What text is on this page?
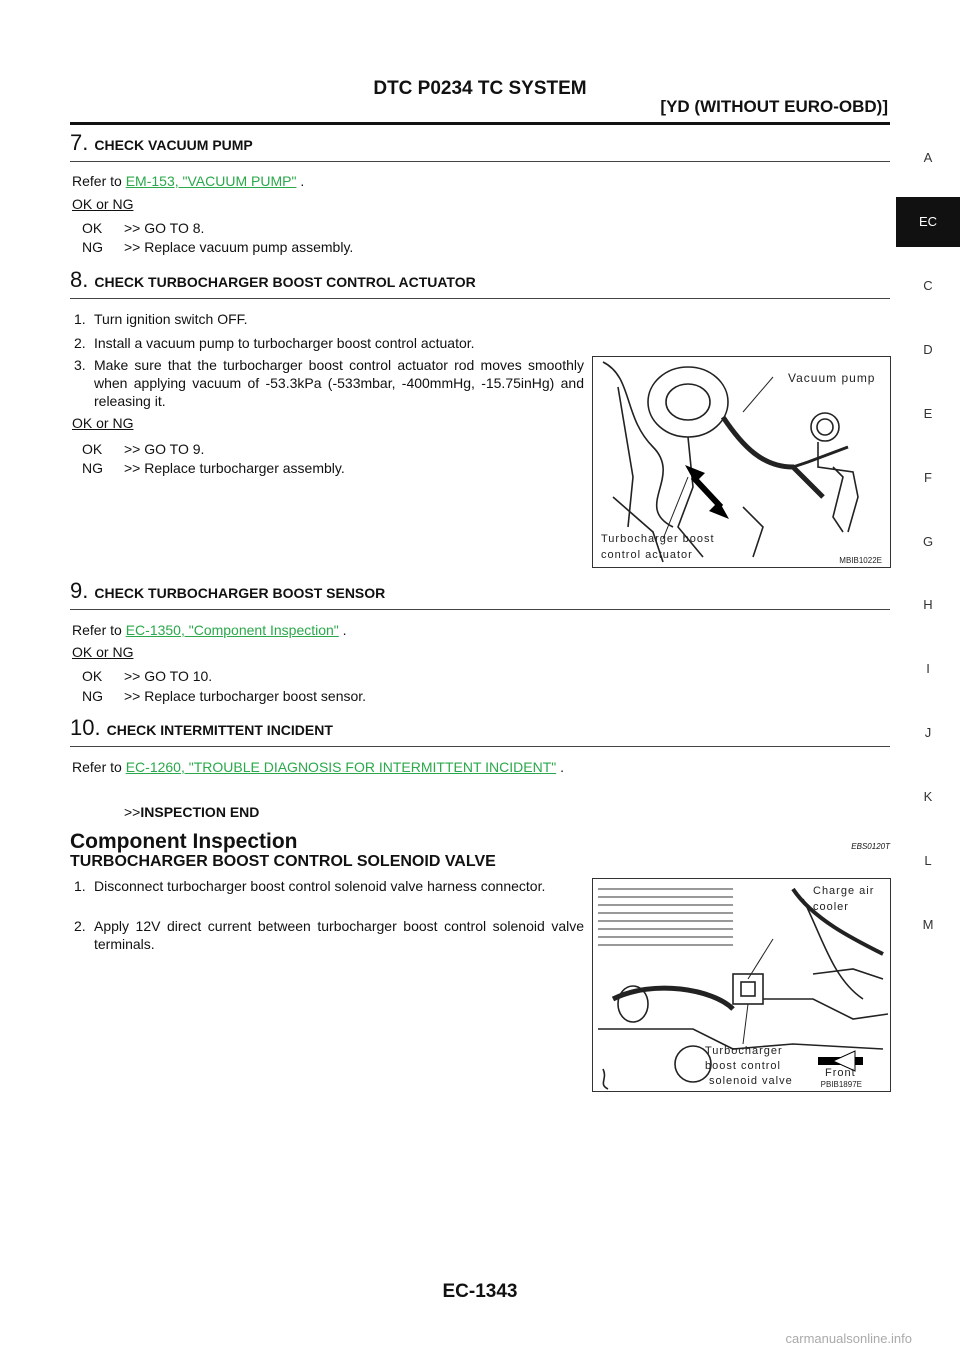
DTC P0234 TC SYSTEM
[YD (WITHOUT EURO-OBD)]
A
EC
C
D
E
F
G
H
I
J
K
L
M
7. CHECK VACUUM PUMP
Refer to EM-153, "VACUUM PUMP" .
OK or NG
OK >> GO TO 8.
NG >> Replace vacuum pump assembly.
8. CHECK TURBOCHARGER BOOST CONTROL ACTUATOR
1. Turn ignition switch OFF.
2. Install a vacuum pump to turbocharger boost control actuator.
3. Make sure that the turbocharger boost control actuator rod moves smoothly when applying vacuum of -53.3kPa (-533mbar, -400mmHg, -15.75inHg) and releasing it.
OK or NG
OK >> GO TO 9.
NG >> Replace turbocharger assembly.
Vacuum pump
Turbocharger boost
control actuator	MBIB1022E
9. CHECK TURBOCHARGER BOOST SENSOR
Refer to EC-1350, "Component Inspection" .
OK or NG
OK >> GO TO 10.
NG >> Replace turbocharger boost sensor.
10. CHECK INTERMITTENT INCIDENT
Refer to EC-1260, "TROUBLE DIAGNOSIS FOR INTERMITTENT INCIDENT" .
>>INSPECTION END
Component Inspection	EBS0120T
TURBOCHARGER BOOST CONTROL SOLENOID VALVE
1. Disconnect turbocharger boost control solenoid valve harness connector.
2. Apply 12V direct current between turbocharger boost control solenoid valve terminals.
Charge air
cooler
Turbocharger
boost control
solenoid valve
Front
PBIB1897E
EC-1343
carmanualsonline.info
